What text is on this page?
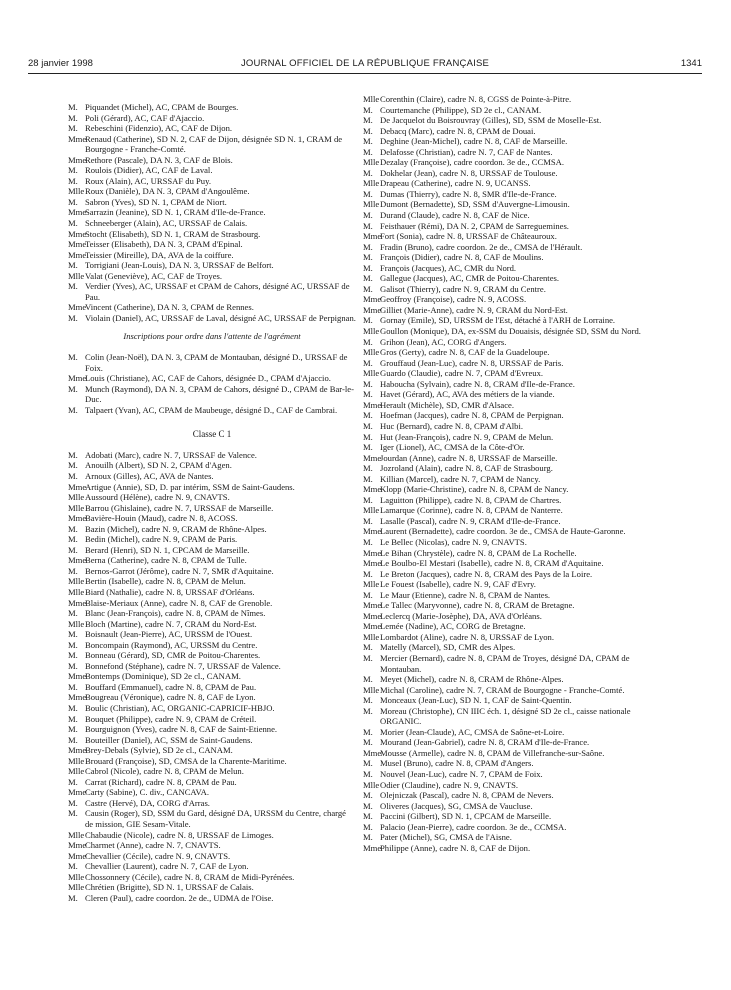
28 janvier 1998	JOURNAL OFFICIEL DE LA RÉPUBLIQUE FRANÇAISE	1341

M. Piquandet (Michel), AC, CPAM de Bourges.

M. Poli (Gérard), AC, CAF d'Ajaccio.

M. Rebeschini (Fidenzio), AC, CAF de Dijon.

MmeRenaud (Catherine), SD N. 2, CAF de Dijon, désignée SD N. 1, CRAM de Bourgogne - Franche-Comté.

MmeRethore (Pascale), DA N. 3, CAF de Blois.

M. Roulois (Didier), AC, CAF de Laval.

M. Roux (Alain), AC, URSSAF du Puy.

MlleRoux (Danièle), DA N. 3, CPAM d'Angoulême.

M. Sabron (Yves), SD N. 1, CPAM de Niort.

MmeSarrazin (Jeanine), SD N. 1, CRAM d'Ile-de-France.

M. Schneeberger (Alain), AC, URSSAF de Calais.

MmeStocht (Elisabeth), SD N. 1, CRAM de Strasbourg.

MmeTeisser (Elisabeth), DA N. 3, CPAM d'Epinal.

MmeTeissier (Mireille), DA, AVA de la coiffure.

M. Torrigiani (Jean-Louis), DA N. 3, URSSAF de Belfort.

MlleValat (Geneviève), AC, CAF de Troyes.

M. Verdier (Yves), AC, URSSAF et CPAM de Cahors, désigné AC, URSSAF de Pau.

MmeVincent (Catherine), DA N. 3, CPAM de Rennes.

M. Violain (Daniel), AC, URSSAF de Laval, désigné AC, URSSAF de Perpignan.

Inscriptions pour ordre dans l'attente de l'agrément

M. Colin (Jean-Noël), DA N. 3, CPAM de Montauban, désigné D., URSSAF de Foix.

MmeLouis (Christiane), AC, CAF de Cahors, désignée D., CPAM d'Ajaccio.

M. Munch (Raymond), DA N. 3, CPAM de Cahors, désigné D., CPAM de Bar-le-Duc.

M. Talpaert (Yvan), AC, CPAM de Maubeuge, désigné D., CAF de Cambrai.

Classe C 1

M. Adobati (Marc), cadre N. 7, URSSAF de Valence.

M. Anouilh (Albert), SD N. 2, CPAM d'Agen.

M. Arnoux (Gilles), AC, AVA de Nantes.

MmeArtigue (Annie), SD, D. par intérim, SSM de Saint-Gaudens.

MlleAussourd (Hélène), cadre N. 9, CNAVTS.

MlleBarrou (Ghislaine), cadre N. 7, URSSAF de Marseille.

MmeBavière-Houin (Maud), cadre N. 8, ACOSS.

M. Bazin (Michel), cadre N. 9, CRAM de Rhône-Alpes.

M. Bedin (Michel), cadre N. 9, CPAM de Paris.

M. Berard (Henri), SD N. 1, CPCAM de Marseille.

MmeBerna (Catherine), cadre N. 8, CPAM de Tulle.

M. Bernos-Garrot (Jérôme), cadre N. 7, SMR d'Aquitaine.

MlleBertin (Isabelle), cadre N. 8, CPAM de Melun.

MlleBiard (Nathalie), cadre N. 8, URSSAF d'Orléans.

MmeBlaise-Meriaux (Anne), cadre N. 8, CAF de Grenoble.

M. Blanc (Jean-François), cadre N. 8, CPAM de Nîmes.

MlleBloch (Martine), cadre N. 7, CRAM du Nord-Est.

M. Boisnault (Jean-Pierre), AC, URSSM de l'Ouest.

M. Boncompain (Raymond), AC, URSSM du Centre.

M. Bonneau (Gérard), SD, CMR de Poitou-Charentes.

M. Bonnefond (Stéphane), cadre N. 7, URSSAF de Valence.

MmeBontemps (Dominique), SD 2e cl., CANAM.

M. Bouffard (Emmanuel), cadre N. 8, CPAM de Pau.

MmeBougreau (Véronique), cadre N. 8, CAF de Lyon.

M. Boulic (Christian), AC, ORGANIC-CAPRICIF-HBJO.

M. Bouquet (Philippe), cadre N. 9, CPAM de Créteil.

M. Bourguignon (Yves), cadre N. 8, CAF de Saint-Etienne.

M. Bouteiller (Daniel), AC, SSM de Saint-Gaudens.

MmeBrey-Debals (Sylvie), SD 2e cl., CANAM.

MlleBrouard (Françoise), SD, CMSA de la Charente-Maritime.

MlleCabrol (Nicole), cadre N. 8, CPAM de Melun.

M. Carrat (Richard), cadre N. 8, CPAM de Pau.

MmeCarty (Sabine), C. div., CANCAVA.

M. Castre (Hervé), DA, CORG d'Arras.

M. Causin (Roger), SD, SSM du Gard, désigné DA, URSSM du Centre, chargé de mission, GIE Sesam-Vitale.

MlleChabaudie (Nicole), cadre N. 8, URSSAF de Limoges.

MmeCharmet (Anne), cadre N. 7, CNAVTS.

MmeChevallier (Cécile), cadre N. 9, CNAVTS.

M. Chevallier (Laurent), cadre N. 7, CAF de Lyon.

MlleChossonnery (Cécile), cadre N. 8, CRAM de Midi-Pyrénées.

MlleChrétien (Brigitte), SD N. 1, URSSAF de Calais.

M. Cleren (Paul), cadre coordon. 2e de., UDMA de l'Oise.

MlleCorenthin (Claire), cadre N. 8, CGSS de Pointe-à-Pitre.

M. Courtemanche (Philippe), SD 2e cl., CANAM.

M. De Jacquelot du Boisrouvray (Gilles), SD, SSM de Moselle-Est.

M. Debacq (Marc), cadre N. 8, CPAM de Douai.

M. Deghine (Jean-Michel), cadre N. 8, CAF de Marseille.

M. Delafosse (Christian), cadre N. 7, CAF de Nantes.

MlleDezalay (Françoise), cadre coordon. 3e de., CCMSA.

M. Dokhelar (Jean), cadre N. 8, URSSAF de Toulouse.

MlleDrapeau (Catherine), cadre N. 9, UCANSS.

M. Dumas (Thierry), cadre N. 8, SMR d'Ile-de-France.

MlleDumont (Bernadette), SD, SSM d'Auvergne-Limousin.

M. Durand (Claude), cadre N. 8, CAF de Nice.

M. Feisthauer (Rémi), DA N. 2, CPAM de Sarreguemines.

MmeFort (Sonia), cadre N. 8, URSSAF de Châteauroux.

M. Fradin (Bruno), cadre coordon. 2e de., CMSA de l'Hérault.

M. François (Didier), cadre N. 8, CAF de Moulins.

M. François (Jacques), AC, CMR du Nord.

M. Gallegue (Jacques), AC, CMR de Poitou-Charentes.

M. Galisot (Thierry), cadre N. 9, CRAM du Centre.

MmeGeoffroy (Françoise), cadre N. 9, ACOSS.

MmeGilliet (Marie-Anne), cadre N. 9, CRAM du Nord-Est.

M. Gornay (Emile), SD, URSSM de l'Est, détaché à l'ARH de Lorraine.

MlleGoullon (Monique), DA, ex-SSM du Douaisis, désignée SD, SSM du Nord.

M. Grihon (Jean), AC, CORG d'Angers.

MlleGros (Gerty), cadre N. 8, CAF de la Guadeloupe.

M. Grouffaud (Jean-Luc), cadre N. 8, URSSAF de Paris.

MlleGuardo (Claudie), cadre N. 7, CPAM d'Evreux.

M. Haboucha (Sylvain), cadre N. 8, CRAM d'Ile-de-France.

M. Havet (Gérard), AC, AVA des métiers de la viande.

MmeHerault (Michèle), SD, CMR d'Alsace.

M. Hoefman (Jacques), cadre N. 8, CPAM de Perpignan.

M. Huc (Bernard), cadre N. 8, CPAM d'Albi.

M. Hut (Jean-François), cadre N. 9, CPAM de Melun.

M. Iger (Lionel), AC, CMSA de la Côte-d'Or.

MmeJourdan (Anne), cadre N. 8, URSSAF de Marseille.

M. Jozroland (Alain), cadre N. 8, CAF de Strasbourg.

M. Killian (Marcel), cadre N. 7, CPAM de Nancy.

MmeKlopp (Marie-Christine), cadre N. 8, CPAM de Nancy.

M. Laguitton (Philippe), cadre N. 8, CPAM de Chartres.

MlleLamarque (Corinne), cadre N. 8, CPAM de Nanterre.

M. Lasalle (Pascal), cadre N. 9, CRAM d'Ile-de-France.

MmeLaurent (Bernadette), cadre coordon. 3e de., CMSA de Haute-Garonne.

M. Le Bellec (Nicolas), cadre N. 9, CNAVTS.

MmeLe Bihan (Chrystèle), cadre N. 8, CPAM de La Rochelle.

MmeLe Boulbo-El Mestari (Isabelle), cadre N. 8, CRAM d'Aquitaine.

M. Le Breton (Jacques), cadre N. 8, CRAM des Pays de la Loire.

MlleLe Fouest (Isabelle), cadre N. 9, CAF d'Evry.

M. Le Maur (Etienne), cadre N. 8, CPAM de Nantes.

MmeLe Tallec (Maryvonne), cadre N. 8, CRAM de Bretagne.

MmeLeclercq (Marie-Josèphe), DA, AVA d'Orléans.

MmeLemée (Nadine), AC, CORG de Bretagne.

MlleLombardot (Aline), cadre N. 8, URSSAF de Lyon.

M. Matelly (Marcel), SD, CMR des Alpes.

M. Mercier (Bernard), cadre N. 8, CPAM de Troyes, désigné DA, CPAM de Montauban.

M. Meyet (Michel), cadre N. 8, CRAM de Rhône-Alpes.

MlleMichal (Caroline), cadre N. 7, CRAM de Bourgogne - Franche-Comté.

M. Monceaux (Jean-Luc), SD N. 1, CAF de Saint-Quentin.

M. Moreau (Christophe), CN IIIC éch. 1, désigné SD 2e cl., caisse nationale ORGANIC.

M. Morier (Jean-Claude), AC, CMSA de Saône-et-Loire.

M. Mourand (Jean-Gabriel), cadre N. 8, CRAM d'Ile-de-France.

MmeMousse (Armelle), cadre N. 8, CPAM de Villefranche-sur-Saône.

M. Musel (Bruno), cadre N. 8, CPAM d'Angers.

M. Nouvel (Jean-Luc), cadre N. 7, CPAM de Foix.

MlleOdier (Claudine), cadre N. 9, CNAVTS.

M. Olejniczak (Pascal), cadre N. 8, CPAM de Nevers.

M. Oliveres (Jacques), SG, CMSA de Vaucluse.

M. Paccini (Gilbert), SD N. 1, CPCAM de Marseille.

M. Palacio (Jean-Pierre), cadre coordon. 3e de., CCMSA.

M. Pater (Michel), SG, CMSA de l'Aisne.

MmePhilippe (Anne), cadre N. 8, CAF de Dijon.
